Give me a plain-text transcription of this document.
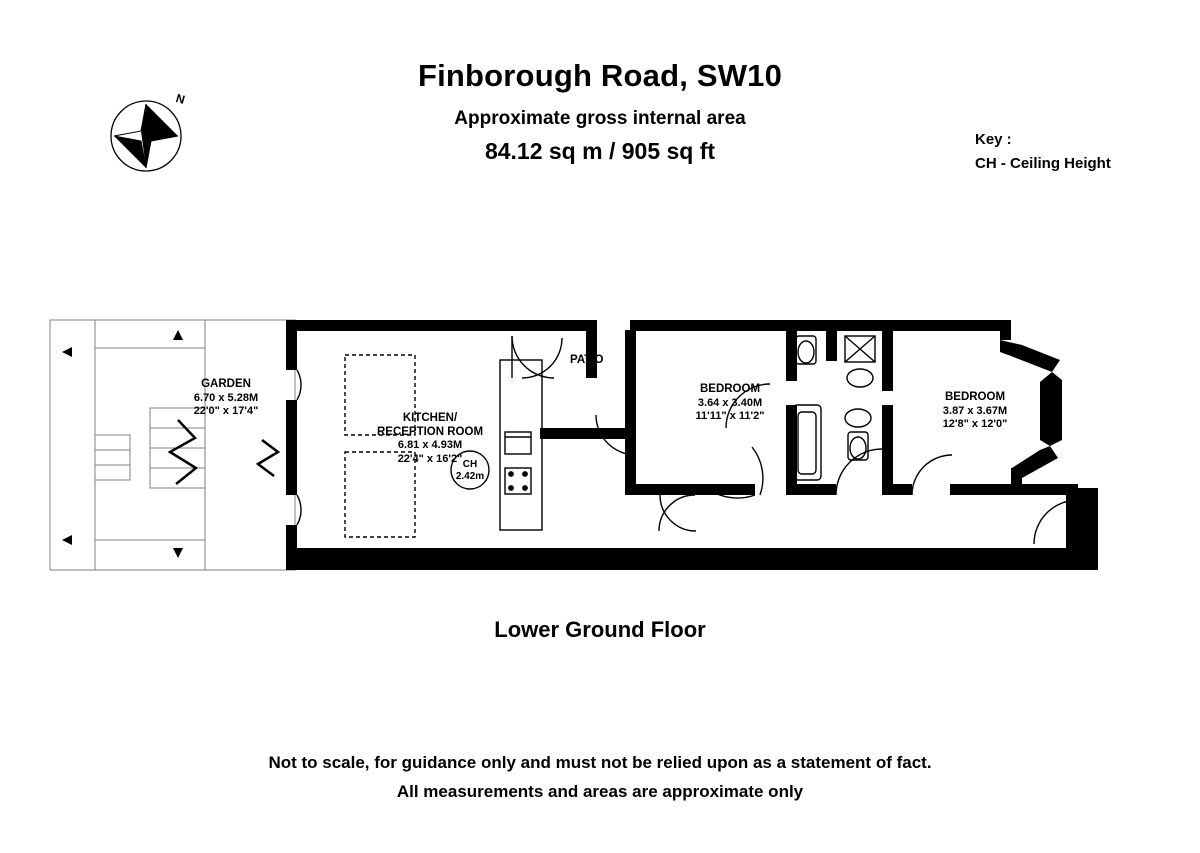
Finborough Road, SW10
Approximate gross internal area
84.12 sq m / 905 sq ft	Key :
CH - Ceiling Height
N
GARDEN
6.70 x 5.28M
22'0" x 17'4"
KITCHEN/
RECEPTION ROOM
6.81 x 4.93M
22'4" x 16'2"
BEDROOM
3.64 x 3.40M
11'11" x 11'2"
BEDROOM
3.87 x 3.67M
12'8" x 12'0"
PATIO
CH
2.42m
Lower Ground Floor
Not to scale, for guidance only and must not be relied upon as a statement of fact.
All measurements and areas are approximate only
